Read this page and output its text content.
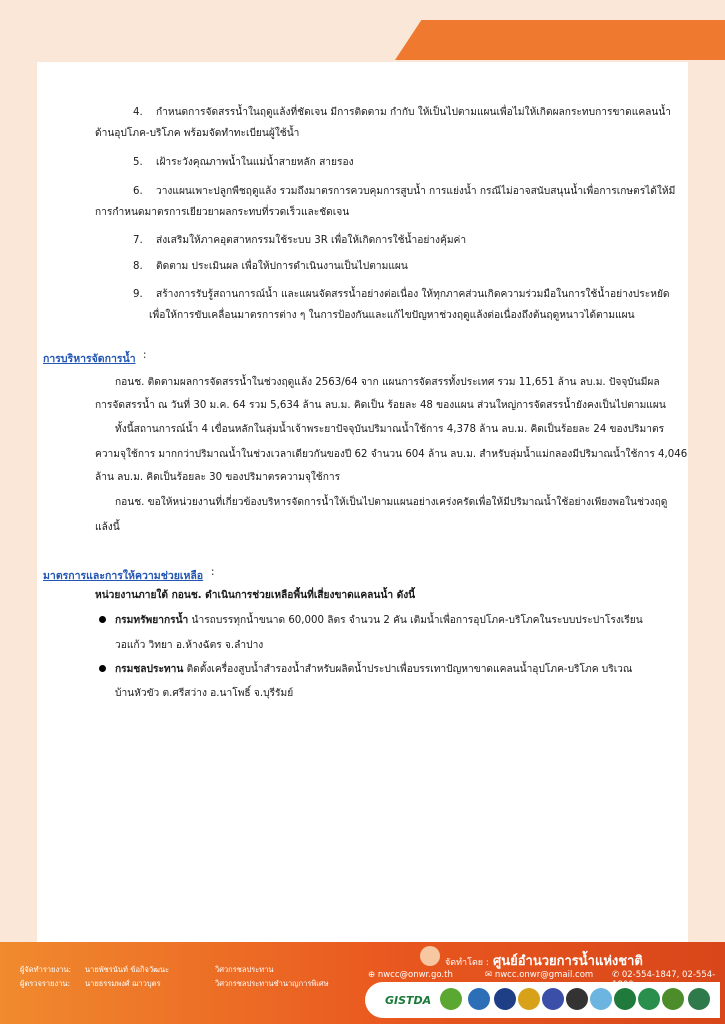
4. กำหนดการจัดสรรน้ำในฤดูแล้งที่ชัดเจน มีการติดตาม กำกับ ให้เป็นไปตามแผนเพื่อไม่ให้เกิดผลกระทบการขาดแคลนน้ำ
ด้านอุปโภค-บริโภค พร้อมจัดทำทะเบียนผู้ใช้น้ำ
5. เฝ้าระวังคุณภาพน้ำในแม่น้ำสายหลัก สายรอง
6. วางแผนเพาะปลูกพืชฤดูแล้ง รวมถึงมาตรการควบคุมการสูบน้ำ การแย่งน้ำ กรณีไม่อาจสนับสนุนน้ำเพื่อการเกษตรได้ให้มี
การกำหนดมาตรการเยียวยาผลกระทบที่รวดเร็วและชัดเจน
7. ส่งเสริมให้ภาคอุตสาหกรรมใช้ระบบ 3R เพื่อให้เกิดการใช้น้ำอย่างคุ้มค่า
8. ติดตาม ประเมินผล เพื่อให้ปการดำเนินงานเป็นไปตามแผน
9. สร้างการรับรู้สถานการณ์น้ำ และแผนจัดสรรน้ำอย่างต่อเนื่อง ให้ทุกภาคส่วนเกิดความร่วมมือในการใช้น้ำอย่างประหยัด
เพื่อให้การขับเคลื่อนมาตรการต่าง ๆ ในการป้องกันและแก้ไขปัญหาช่วงฤดูแล้งต่อเนื่องถึงต้นฤดูหนาวได้ตามแผน
การบริหารจัดการน้ำ :
กอนช. ติดตามผลการจัดสรรน้ำในช่วงฤดูแล้ง 2563/64 จาก แผนการจัดสรรทั้งประเทศ รวม 11,651 ล้าน ลบ.ม. ปัจจุบันมีผล
การจัดสรรน้ำ ณ วันที่ 30 ม.ค. 64 รวม 5,634 ล้าน ลบ.ม. คิดเป็น ร้อยละ 48 ของแผน ส่วนใหญ่การจัดสรรน้ำยังคงเป็นไปตามแผน
ทั้งนี้สถานการณ์น้ำ 4 เขื่อนหลักในลุ่มน้ำเจ้าพระยาปัจจุบันปริมาณน้ำใช้การ 4,378 ล้าน ลบ.ม. คิดเป็นร้อยละ 24 ของปริมาตร
ความจุใช้การ มากกว่าปริมาณน้ำในช่วงเวลาเดียวกันของปี 62 จำนวน 604 ล้าน ลบ.ม. สำหรับลุ่มน้ำแม่กลองมีปริมาณน้ำใช้การ 4,046
ล้าน ลบ.ม. คิดเป็นร้อยละ 30 ของปริมาตรความจุใช้การ
กอนช. ขอให้หน่วยงานที่เกี่ยวข้องบริหารจัดการน้ำให้เป็นไปตามแผนอย่างเคร่งครัดเพื่อให้มีปริมาณน้ำใช้อย่างเพียงพอในช่วงฤดู
แล้งนี้
มาตรการและการให้ความช่วยเหลือ :
หน่วยงานภายใต้ กอนช. ดำเนินการช่วยเหลือพื้นที่เสี่ยงขาดแคลนน้ำ ดังนี้
กรมทรัพยากรน้ำ นำรถบรรทุกน้ำขนาด 60,000 ลิตร จำนวน 2 คัน เติมน้ำเพื่อการอุปโภค-บริโภคในระบบประปาโรงเรียน
วอแก้ว วิทยา อ.ห้างฉัตร จ.ลำปาง
กรมชลประทาน ติดตั้งเครื่องสูบน้ำสำรองน้ำสำหรับผลิตน้ำประปาเพื่อบรรเทาปัญหาขาดแคลนน้ำอุปโภค-บริโภค บริเวณ
บ้านหัวขัว ต.ศรีสว่าง อ.นาโพธิ์ จ.บุรีรัมย์
ผู้จัดทำรายงาน: นายพัชรนันท์ ข้อกิจวัฒนะ	วิศวกรชลประทาน
ผู้ตรวจรายงาน: นายธรรมพงศ์ ฌาวบุตร	วิศวกรชลประทานชำนาญการพิเศษ
จัดทำโดย : ศูนย์อำนวยการน้ำแห่งชาติ
⊕ nwcc@onwr.go.th	✉ nwcc.onwr@gmail.com ✆ 02-554-1847, 02-554-
GISTDA
